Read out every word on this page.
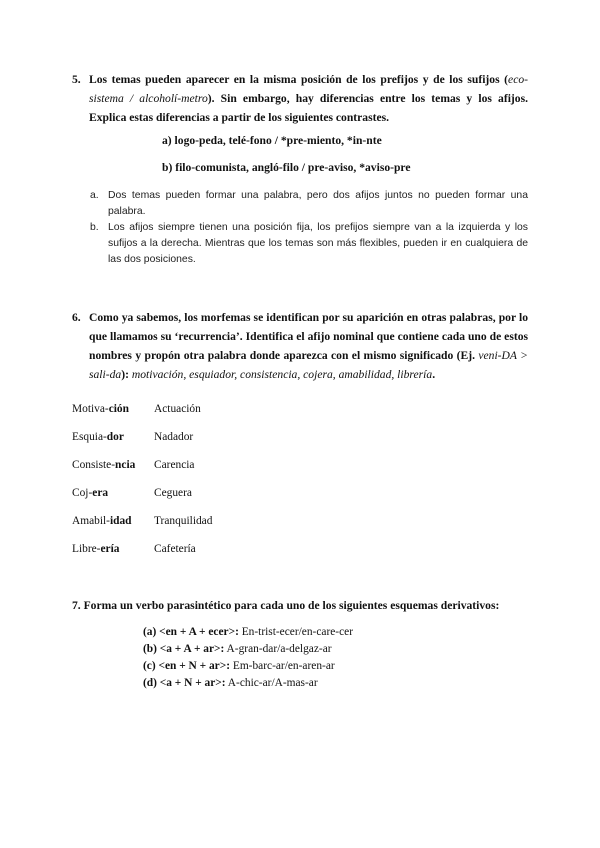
5. Los temas pueden aparecer en la misma posición de los prefijos y de los sufijos (eco-sistema / alcoholí-metro). Sin embargo, hay diferencias entre los temas y los afijos. Explica estas diferencias a partir de los siguientes contrastes.
a) logo-peda, telé-fono / *pre-miento, *in-nte
b) filo-comunista, angló-filo / pre-aviso, *aviso-pre
a. Dos temas pueden formar una palabra, pero dos afijos juntos no pueden formar una palabra.
b. Los afijos siempre tienen una posición fija, los prefijos siempre van a la izquierda y los sufijos a la derecha. Mientras que los temas son más flexibles, pueden ir en cualquiera de las dos posiciones.
6. Como ya sabemos, los morfemas se identifican por su aparición en otras palabras, por lo que llamamos su ‘recurrencia’. Identifica el afijo nominal que contiene cada uno de estos nombres y propón otra palabra donde aparezca con el mismo significado (Ej. veni-DA > sali-da): motivación, esquiador, consistencia, cojera, amabilidad, librería.
Motiva-ción Actuación
Esquia-dor	Nadador
Consiste-ncia Carencia
Coj-era	Ceguera
Amabil-idad Tranquilidad
Libre-ería	Cafetería
7. Forma un verbo parasintético para cada uno de los siguientes esquemas derivativos:
(a) <en + A + ecer>: En-trist-ecer/en-care-cer
(b) <a + A + ar>: A-gran-dar/a-delgaz-ar
(c) <en + N + ar>: Em-barc-ar/en-aren-ar
(d) <a + N + ar>: A-chic-ar/A-mas-ar
